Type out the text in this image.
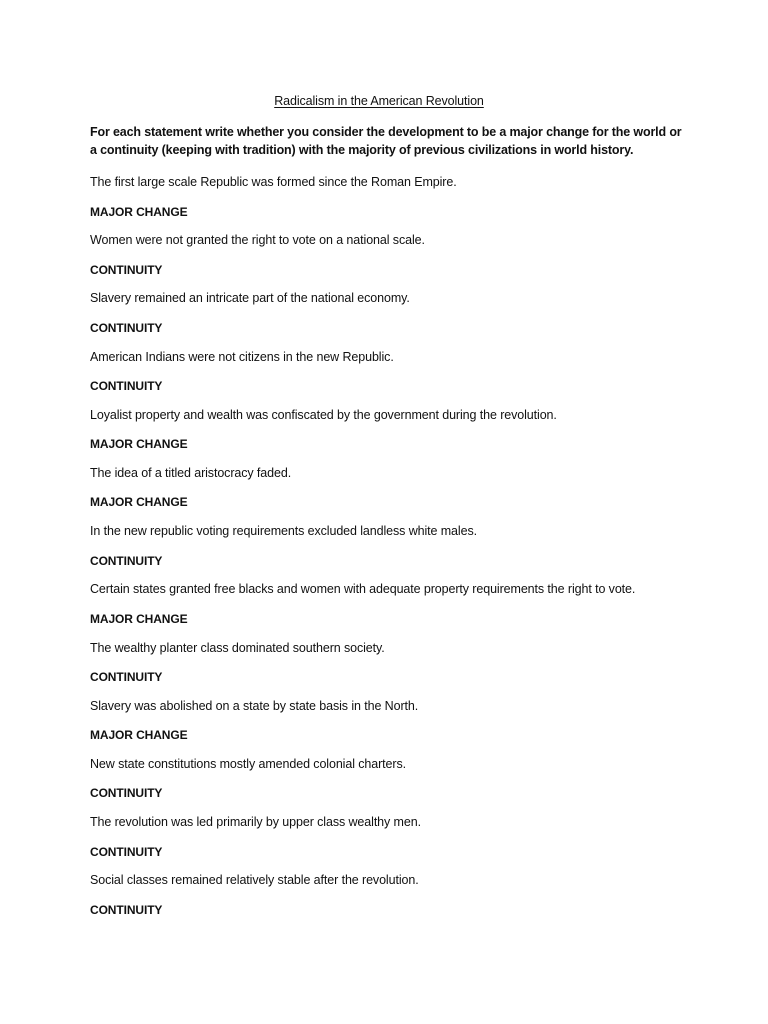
Radicalism in the American Revolution
For each statement write whether you consider the development to be a major change for the world or a continuity (keeping with tradition) with the majority of previous civilizations in world history.
The first large scale Republic was formed since the Roman Empire.
MAJOR CHANGE
Women were not granted the right to vote on a national scale.
CONTINUITY
Slavery remained an intricate part of the national economy.
CONTINUITY
American Indians were not citizens in the new Republic.
CONTINUITY
Loyalist property and wealth was confiscated by the government during the revolution.
MAJOR CHANGE
The idea of a titled aristocracy faded.
MAJOR CHANGE
In the new republic voting requirements excluded landless white males.
CONTINUITY
Certain states granted free blacks and women with adequate property requirements the right to vote.
MAJOR CHANGE
The wealthy planter class dominated southern society.
CONTINUITY
Slavery was abolished on a state by state basis in the North.
MAJOR CHANGE
New state constitutions mostly amended colonial charters.
CONTINUITY
The revolution was led primarily by upper class wealthy men.
CONTINUITY
Social classes remained relatively stable after the revolution.
CONTINUITY
